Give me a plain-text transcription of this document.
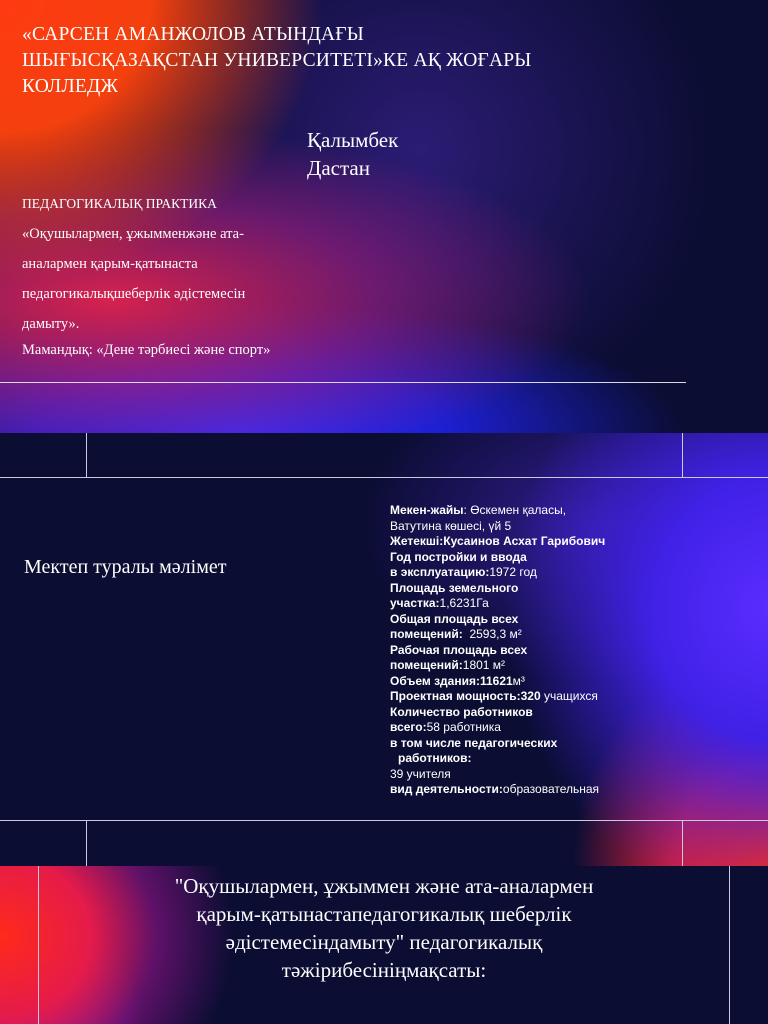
«САРСЕН АМАНЖОЛОВ АТЫНДАҒЫ ШЫҒЫСҚАЗАҚСТАН УНИВЕРСИТЕТІ»КЕ АҚ ЖОҒАРЫ КОЛЛЕДЖ
Қалымбек
Дастан
ПЕДАГОГИКАЛЫҚ ПРАКТИКА
«Оқушылармен, ұжымменжәне ата-
аналармен қарым-қатынаста
педагогикалықшеберлік әдістемесін
дамыту».
Мамандық: «Дене тәрбиесі және спорт»
Мектеп туралы мәлімет
Мекен-жайы: Өскемен қаласы,
Ватутина көшесі, үй 5
Жетекші:Кусаинов Асхат Гарибович
Год постройки и ввода
в эксплуатацию:1972 год
Площадь земельного
участка:1,6231Га
Общая площадь всех
помещений:  2593,3 м²
Рабочая площадь всех
помещений:1801 м²
Объем здания:11621м³
Проектная мощность:320 учащихся
Количество работников
всего:58 работника
в том числе педагогических
работников:
39 учителя
вид деятельности:образовательная
"Оқушылармен, ұжыммен және ата-аналармен
қарым-қатынастапедагогикалық шеберлік
әдістемесіндамыту" педагогикалық
тәжірибесініңмақсаты:
